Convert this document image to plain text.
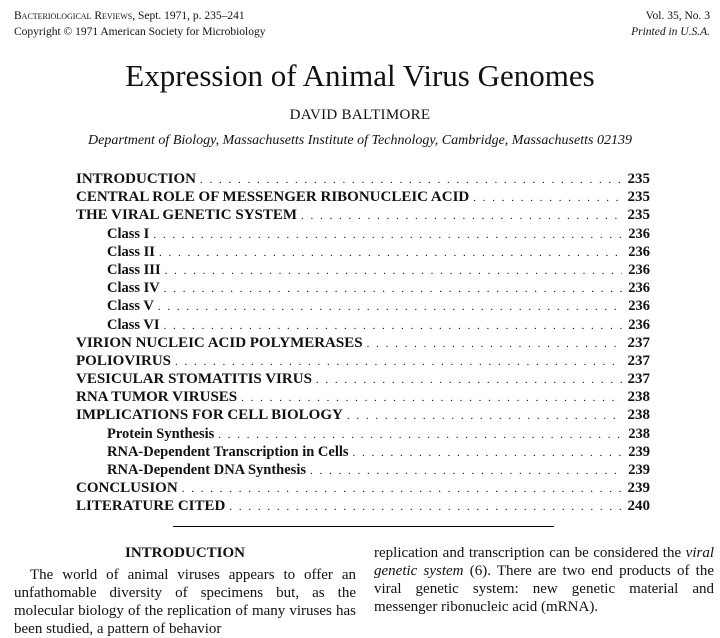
Bacteriological Reviews, Sept. 1971, p. 235–241
Copyright © 1971 American Society for Microbiology
Vol. 35, No. 3
Printed in U.S.A.
Expression of Animal Virus Genomes
DAVID BALTIMORE
Department of Biology, Massachusetts Institute of Technology, Cambridge, Massachusetts 02139
INTRODUCTION . . .	235
CENTRAL ROLE OF MESSENGER RIBONUCLEIC ACID . . .	235
THE VIRAL GENETIC SYSTEM . . .	235
Class I . . .	236
Class II . . .	236
Class III . . .	236
Class IV . . .	236
Class V . . .	236
Class VI . . .	236
VIRION NUCLEIC ACID POLYMERASES . . .	237
POLIOVIRUS . . .	237
VESICULAR STOMATITIS VIRUS . . .	237
RNA TUMOR VIRUSES . . .	238
IMPLICATIONS FOR CELL BIOLOGY . . .	238
Protein Synthesis . . .	238
RNA-Dependent Transcription in Cells . . .	239
RNA-Dependent DNA Synthesis . . .	239
CONCLUSION . . .	239
LITERATURE CITED . . .	240
INTRODUCTION
The world of animal viruses appears to offer an unfathomable diversity of specimens but, as the molecular biology of the replication of many viruses has been studied, a pattern of behavior
replication and transcription can be considered the viral genetic system (6). There are two end products of the viral genetic system: new genetic material and messenger ribonucleic acid (mRNA).
